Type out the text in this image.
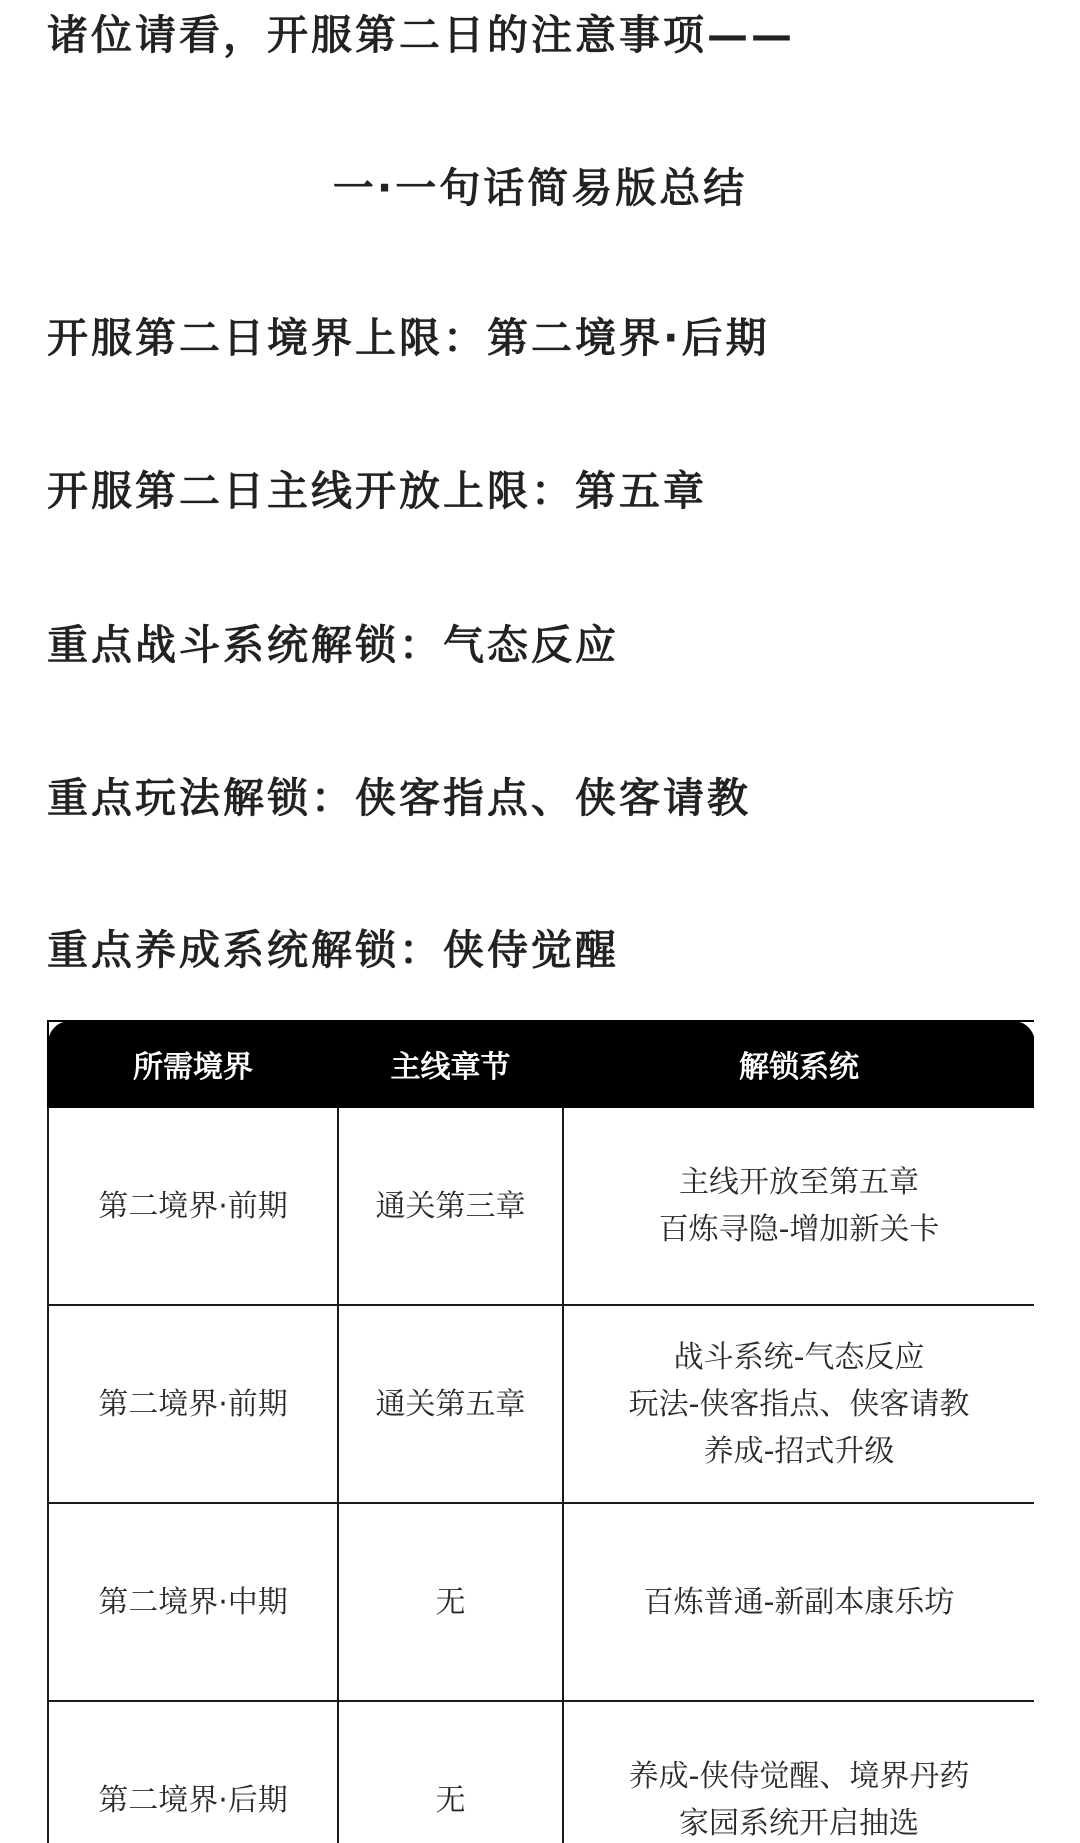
诸位请看，开服第二日的注意事项——
一·一句话简易版总结
开服第二日境界上限：第二境界·后期
开服第二日主线开放上限：第五章
重点战斗系统解锁：气态反应
重点玩法解锁：侠客指点、侠客请教
重点养成系统解锁：侠侍觉醒
所需境界	主线章节	解锁系统
第二境界·前期	通关第三章	主线开放至第五章
百炼寻隐-增加新关卡

第二境界·前期	通关第五章	战斗系统-气态反应
玩法-侠客指点、侠客请教
养成-招式升级

第二境界·中期	无	百炼普通-新副本康乐坊

第二境界·后期	无	养成-侠侍觉醒、境界丹药
家园系统开启抽选
